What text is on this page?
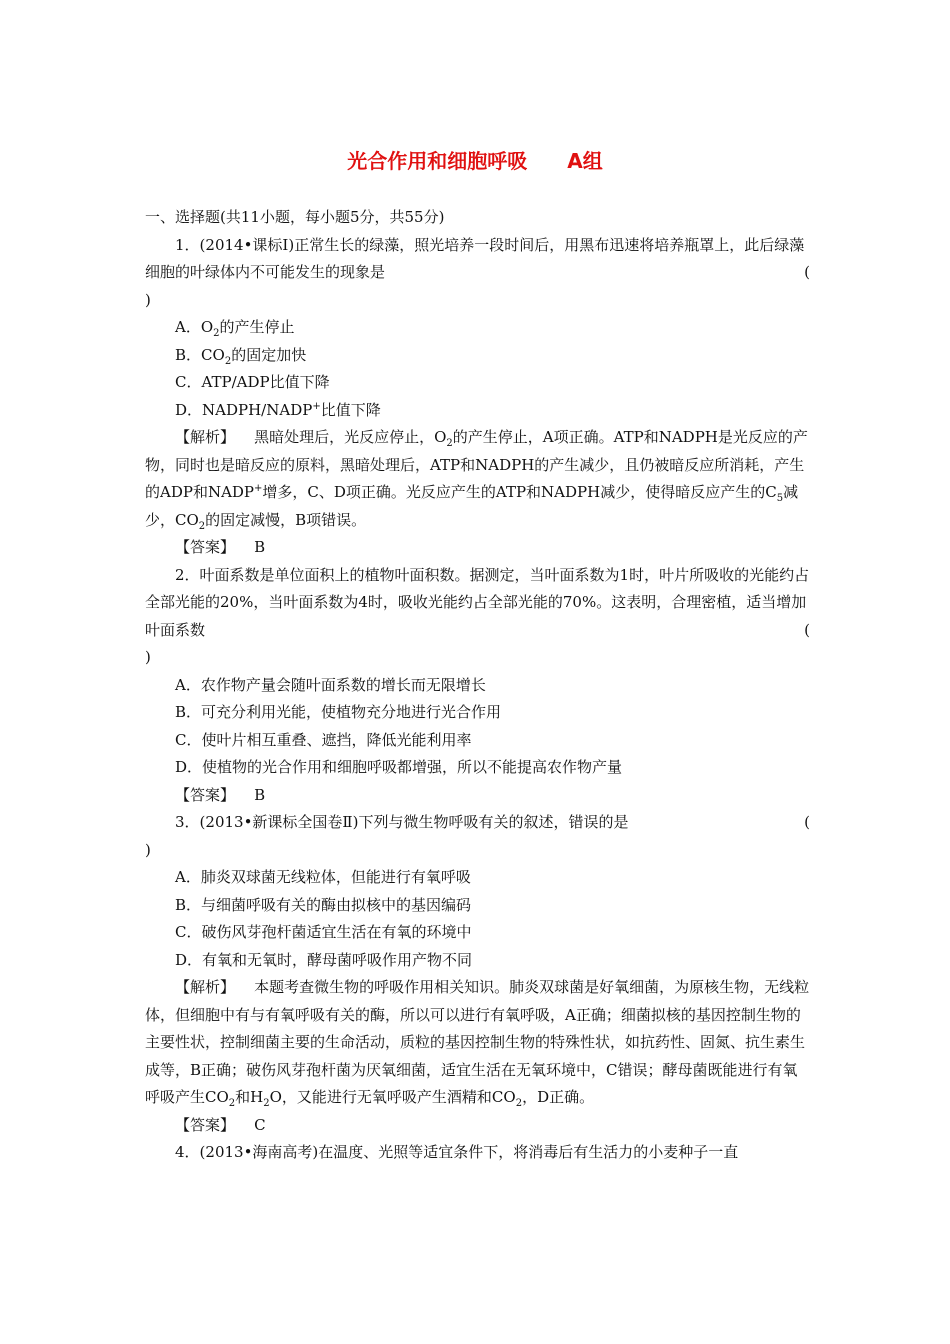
光合作用和细胞呼吸 A组

一、选择题(共11小题，每小题5分，共55分)

1．(2014•课标Ⅰ)正常生长的绿藻，照光培养一段时间后，用黑布迅速将培养瓶罩上，此后绿藻细胞的叶绿体内不可能发生的现象是	(

)

A．$O_2$的产生停止

B．$CO_2$的固定加快

C．ATP/ADP比值下降

D．NADPH/NADP+比值下降

【解析】 黑暗处理后，光反应停止，$O_2$的产生停止，A项正确。ATP和NADPH是光反应的产物，同时也是暗反应的原料，黑暗处理后，ATP和NADPH的产生减少，且仍被暗反应所消耗，产生的ADP和NADP+增多，C、D项正确。光反应产生的ATP和NADPH减少，使得暗反应产生的$C_5$减少，$CO_2$的固定减慢，B项错误。

【答案】 B

2．叶面系数是单位面积上的植物叶面积数。据测定，当叶面系数为1时，叶片所吸收的光能约占全部光能的20%，当叶面系数为4时，吸收光能约占全部光能的70%。这表明，合理密植，适当增加叶面系数	(

)

A．农作物产量会随叶面系数的增长而无限增长

B．可充分利用光能，使植物充分地进行光合作用

C．使叶片相互重叠、遮挡，降低光能利用率

D．使植物的光合作用和细胞呼吸都增强，所以不能提高农作物产量

【答案】 B

3．(2013•新课标全国卷Ⅱ)下列与微生物呼吸有关的叙述，错误的是	(

)

A．肺炎双球菌无线粒体，但能进行有氧呼吸

B．与细菌呼吸有关的酶由拟核中的基因编码

C．破伤风芽孢杆菌适宜生活在有氧的环境中

D．有氧和无氧时，酵母菌呼吸作用产物不同

【解析】 本题考查微生物的呼吸作用相关知识。肺炎双球菌是好氧细菌，为原核生物，无线粒体，但细胞中有与有氧呼吸有关的酶，所以可以进行有氧呼吸，A正确；细菌拟核的基因控制生物的主要性状，控制细菌主要的生命活动，质粒的基因控制生物的特殊性状，如抗药性、固氮、抗生素生成等，B正确；破伤风芽孢杆菌为厌氧细菌，适宜生活在无氧环境中，C错误；酵母菌既能进行有氧呼吸产生$CO_2$和$H_2O$，又能进行无氧呼吸产生酒精和$CO_2$，D正确。

【答案】 C

4．(2013•海南高考)在温度、光照等适宜条件下，将消毒后有生活力的小麦种子一直
